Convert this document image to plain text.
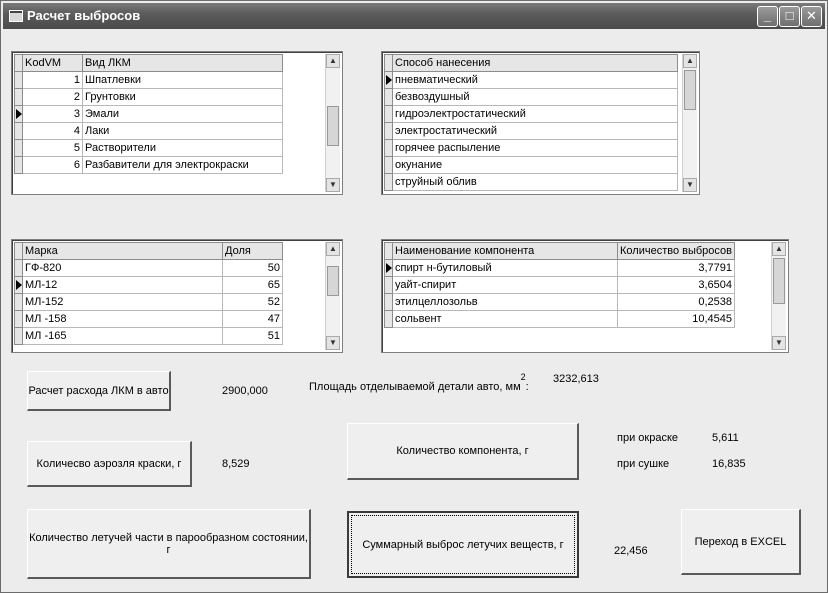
Расчет выбросов	_	□ ✕
	KodVM	Вид ЛКМ
	1	Шпатлевки
	2	Грунтовки
	3	Эмали
	4	Лаки
	5	Растворители
	6	Разбавители для электрокраски
▲
▼
	Способ нанесения
	пневматический
	безвоздушный
	гидроэлектростатический
	электростатический
	горячее распыление
	окунание
	струйный облив
▲
▼
	Марка	Доля
	ГФ-820	50
	МЛ-12	65
	МЛ-152	52
	МЛ -158	47
	МЛ -165	51
▲
▼
	Наименование компонента	Количество выбросов
	спирт н-бутиловый	3,7791
	уайт-спирит	3,6504
	этилцеллозольв	0,2538
	сольвент	10,4545
▲
▼
Расчет расхода ЛКМ в авто	2900,000	Площадь отделываемой детали авто, $мм^2$:
3232,613
Количесво аэрозля краски, г	8,529
Количество компонента, г
при окраске	5,611
при сушке	16,835
Количество летучей части в парообразном состоянии, г	Суммарный выброс летучих веществ, г
22,456
Переход в EXCEL
